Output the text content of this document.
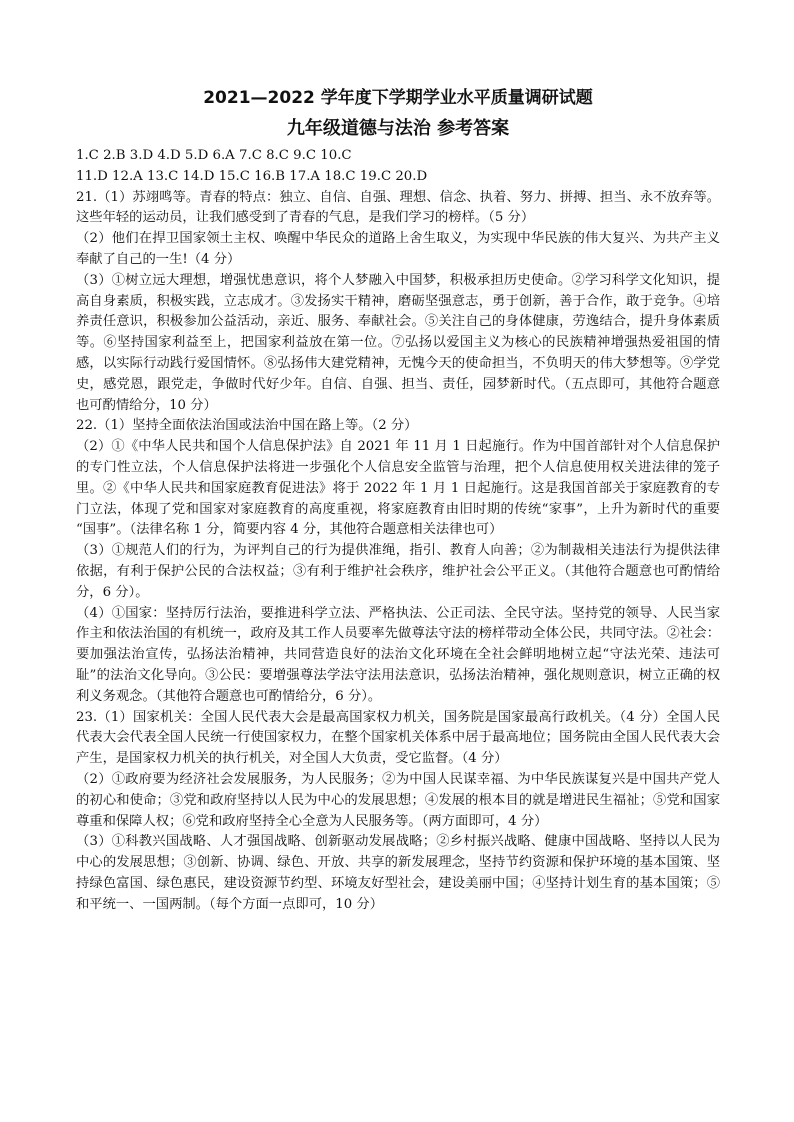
2021—2022 学年度下学期学业水平质量调研试题
九年级道德与法治 参考答案
1.C 2.B 3.D 4.D 5.D 6.A 7.C 8.C 9.C 10.C
11.D 12.A 13.C 14.D 15.C 16.B 17.A 18.C 19.C 20.D
21.（1）苏翊鸣等。青春的特点：独立、自信、自强、理想、信念、执着、努力、拼搏、担当、永不放弃等。这些年轻的运动员，让我们感受到了青春的气息，是我们学习的榜样。（5 分）
（2）他们在捍卫国家领土主权、唤醒中华民众的道路上舍生取义，为实现中华民族的伟大复兴、为共产主义奉献了自己的一生!（4 分）
（3）①树立远大理想，增强忧患意识，将个人梦融入中国梦，积极承担历史使命。②学习科学文化知识，提高自身素质，积极实践，立志成才。③发扬实干精神，磨砺坚强意志，勇于创新，善于合作，敢于竞争。④培养责任意识，积极参加公益活动，亲近、服务、奉献社会。⑤关注自己的身体健康，劳逸结合，提升身体素质等。⑥坚持国家利益至上，把国家利益放在第一位。⑦弘扬以爱国主义为核心的民族精神增强热爱祖国的情感，以实际行动践行爱国情怀。⑧弘扬伟大建党精神，无愧今天的使命担当，不负明天的伟大梦想等。⑨学党史，感党恩，跟党走，争做时代好少年。自信、自强、担当、责任，园梦新时代。（五点即可，其他符合题意也可酌情给分，10 分）
22.（1）坚持全面依法治国或法治中国在路上等。（2 分）
（2）①《中华人民共和国个人信息保护法》自 2021 年 11 月 1 日起施行。作为中国首部针对个人信息保护的专门性立法，个人信息保护法将进一步强化个人信息安全监管与治理，把个人信息使用权关进法律的笼子里。②《中华人民共和国家庭教育促进法》将于 2022 年 1 月 1 日起施行。这是我国首部关于家庭教育的专门立法，体现了党和国家对家庭教育的高度重视，将家庭教育由旧时期的传统“家事”，上升为新时代的重要 “国事”。（法律名称 1 分，简要内容 4 分，其他符合题意相关法律也可）
（3）①规范人们的行为，为评判自己的行为提供准绳，指引、教育人向善；②为制裁相关违法行为提供法律依据，有利于保护公民的合法权益；③有利于维护社会秩序，维护社会公平正义。（其他符合题意也可酌情给分，6 分）。
（4）①国家：坚持厉行法治，要推进科学立法、严格执法、公正司法、全民守法。坚持党的领导、人民当家作主和依法治国的有机统一，政府及其工作人员要率先做尊法守法的榜样带动全体公民，共同守法。②社会：要加强法治宣传，弘扬法治精神，共同营造良好的法治文化环境在全社会鲜明地树立起“守法光荣、违法可耻”的法治文化导向。③公民：要增强尊法学法守法用法意识，弘扬法治精神，强化规则意识，树立正确的权利义务观念。（其他符合题意也可酌情给分，6 分）。
23.（1）国家机关：全国人民代表大会是最高国家权力机关，国务院是国家最高行政机关。（4 分）全国人民代表大会代表全国人民统一行使国家权力，在整个国家机关体系中居于最高地位；国务院由全国人民代表大会产生，是国家权力机关的执行机关，对全国人大负责，受它监督。（4 分）
（2）①政府要为经济社会发展服务，为人民服务；②为中国人民谋幸福、为中华民族谋复兴是中国共产党人的初心和使命；③党和政府坚持以人民为中心的发展思想；④发展的根本目的就是增进民生福祉；⑤党和国家尊重和保障人权；⑥党和政府坚持全心全意为人民服务等。（两方面即可，4 分）
（3）①科教兴国战略、人才强国战略、创新驱动发展战略；②乡村振兴战略、健康中国战略、坚持以人民为中心的发展思想；③创新、协调、绿色、开放、共享的新发展理念，坚持节约资源和保护环境的基本国策、坚持绿色富国、绿色惠民，建设资源节约型、环境友好型社会，建设美丽中国；④坚持计划生育的基本国策；⑤和平统一、一国两制。（每个方面一点即可，10 分）
